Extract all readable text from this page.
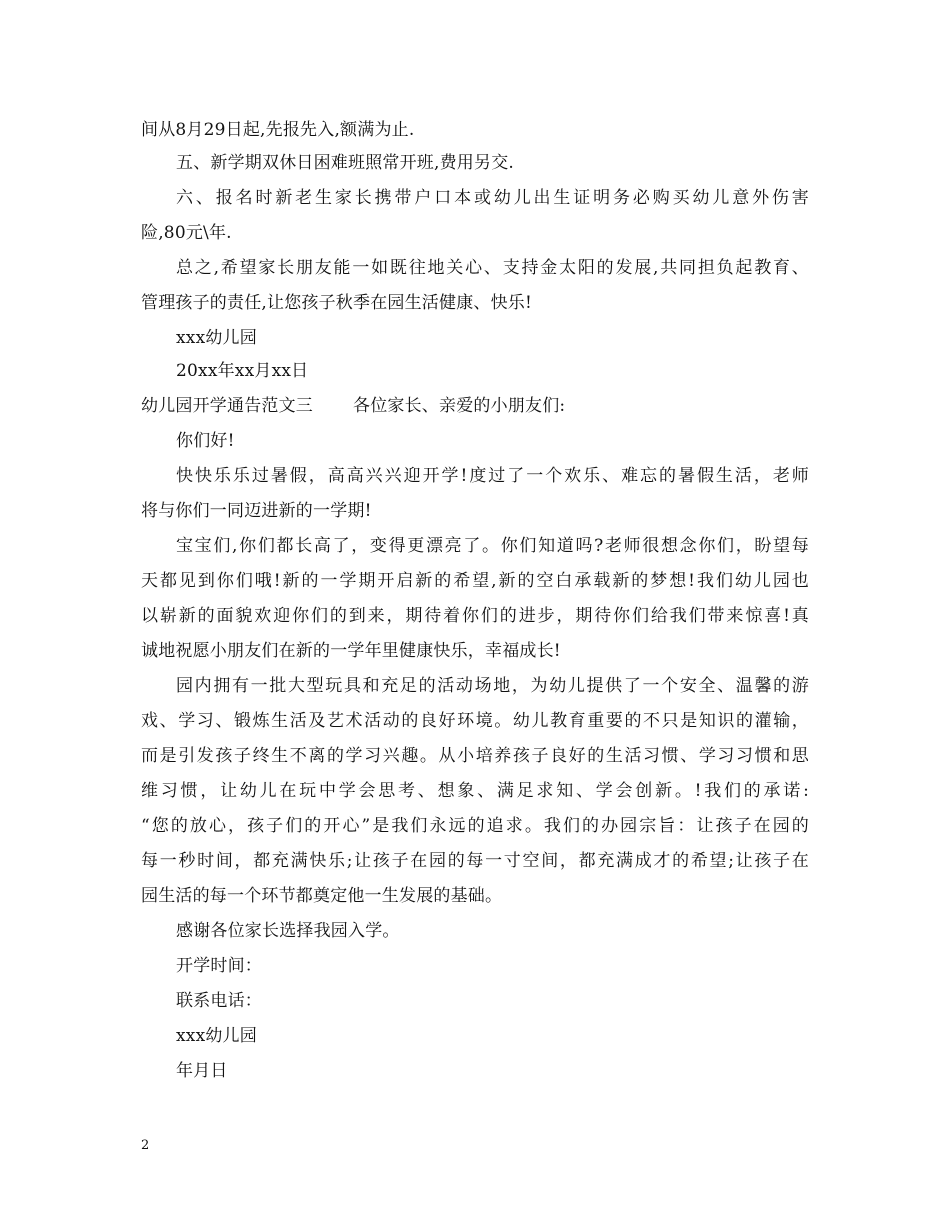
间从8月29日起,先报先入,额满为止.
五、新学期双休日困难班照常开班,费用另交.
六、报名时新老生家长携带户口本或幼儿出生证明务必购买幼儿意外伤害
险,80元\年.
总之,希望家长朋友能一如既往地关心、支持金太阳的发展,共同担负起教育、
管理孩子的责任,让您孩子秋季在园生活健康、快乐!
xxx幼儿园
20xx年xx月xx日
幼儿园开学通告范文三 各位家长、亲爱的小朋友们:
你们好!
快快乐乐过暑假，高高兴兴迎开学!度过了一个欢乐、难忘的暑假生活，老师
将与你们一同迈进新的一学期!
宝宝们,你们都长高了，变得更漂亮了。你们知道吗?老师很想念你们，盼望每
天都见到你们哦!新的一学期开启新的希望,新的空白承载新的梦想!我们幼儿园也
以崭新的面貌欢迎你们的到来，期待着你们的进步，期待你们给我们带来惊喜!真
诚地祝愿小朋友们在新的一学年里健康快乐，幸福成长!
园内拥有一批大型玩具和充足的活动场地，为幼儿提供了一个安全、温馨的游
戏、学习、锻炼生活及艺术活动的良好环境。幼儿教育重要的不只是知识的灌输，
而是引发孩子终生不离的学习兴趣。从小培养孩子良好的生活习惯、学习习惯和思
维习惯，让幼儿在玩中学会思考、想象、满足求知、学会创新。!我们的承诺:
“您的放心，孩子们的开心”是我们永远的追求。我们的办园宗旨：让孩子在园的
每一秒时间，都充满快乐;让孩子在园的每一寸空间，都充满成才的希望;让孩子在
园生活的每一个环节都奠定他一生发展的基础。
感谢各位家长选择我园入学。
开学时间：
联系电话：
xxx幼儿园
年月日
2
